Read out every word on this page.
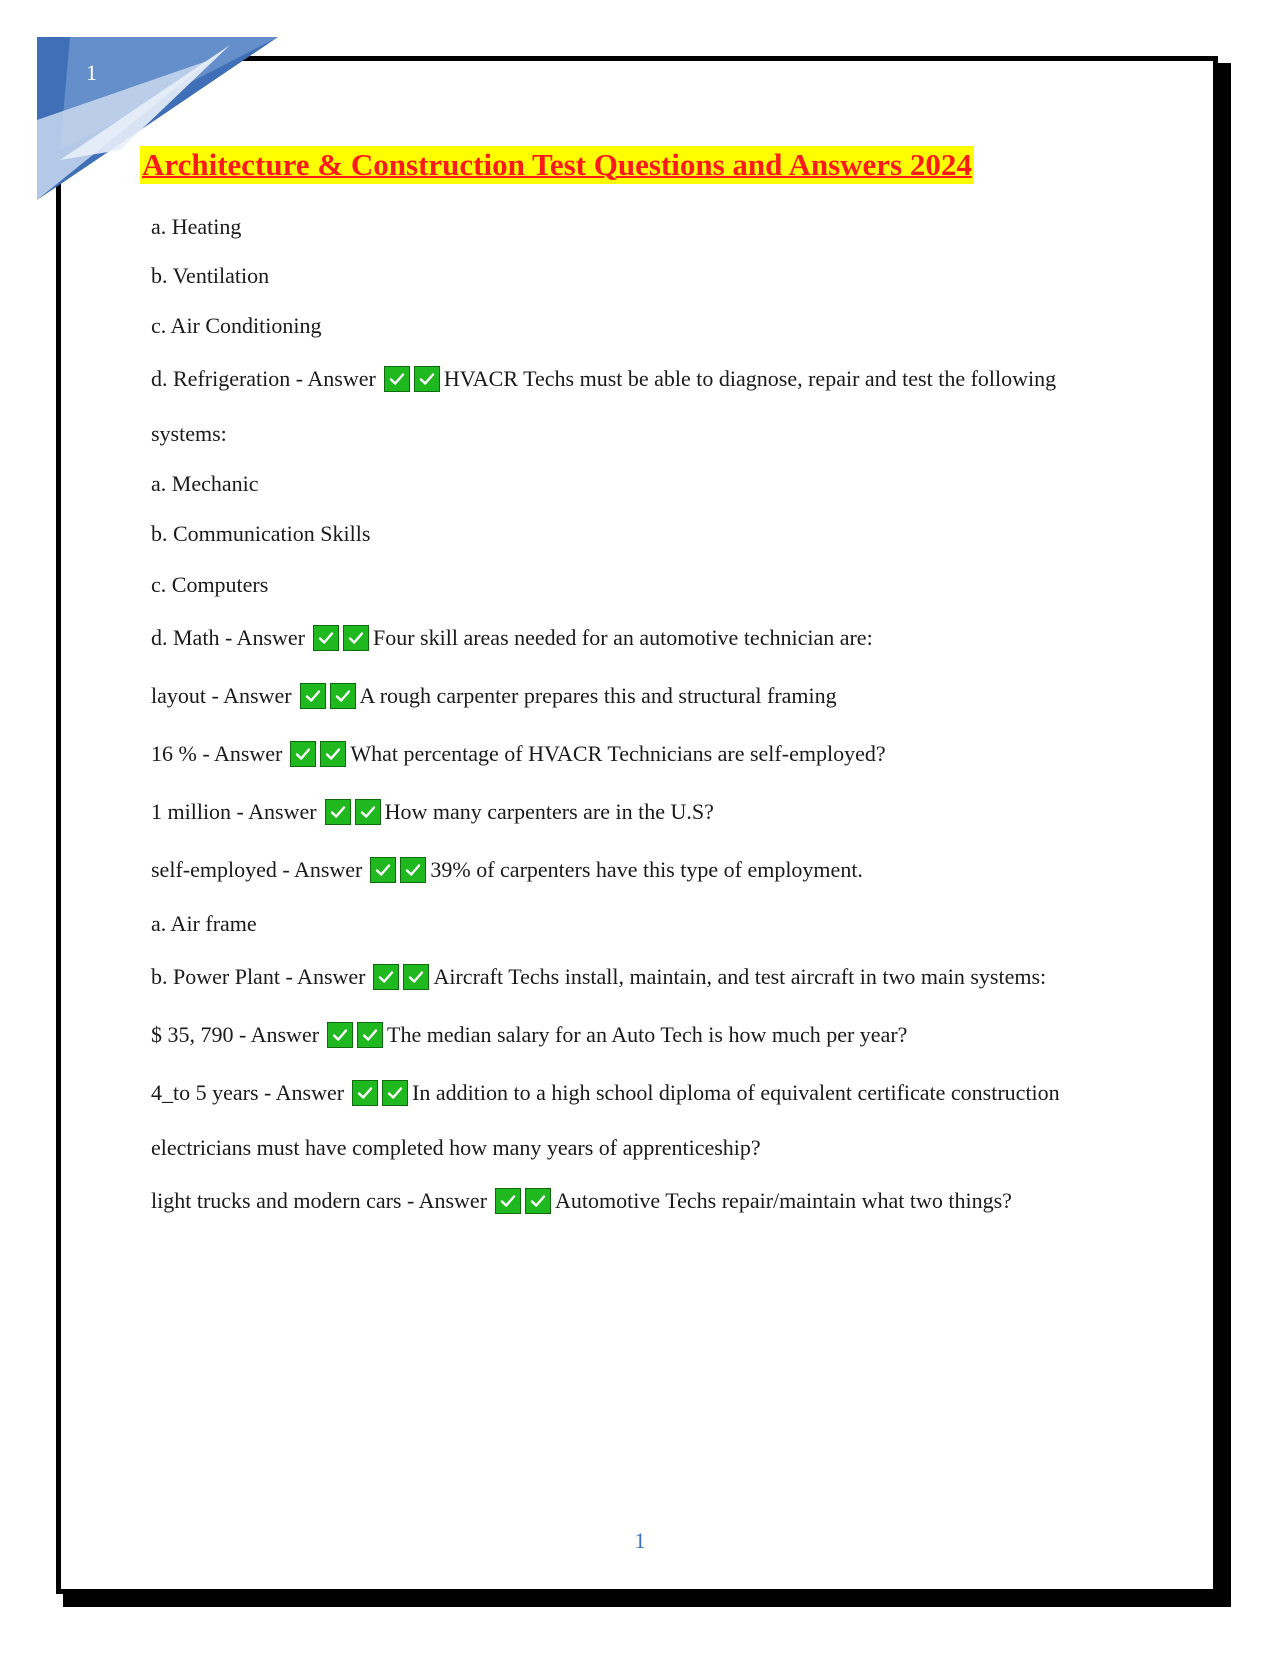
1
Architecture & Construction Test Questions and Answers 2024
a. Heating
b. Ventilation
c. Air Conditioning
d. Refrigeration - Answer	HVACR Techs must be able to diagnose, repair and test the following
systems:
a. Mechanic
b. Communication Skills
c. Computers
d. Math - Answer	Four skill areas needed for an automotive technician are:
layout - Answer	A rough carpenter prepares this and structural framing
16 % - Answer	What percentage of HVACR Technicians are self-employed?
1 million - Answer	How many carpenters are in the U.S?
self-employed - Answer	39% of carpenters have this type of employment.
a. Air frame
b. Power Plant - Answer	Aircraft Techs install, maintain, and test aircraft in two main systems:
$ 35, 790 - Answer	The median salary for an Auto Tech is how much per year?
4_to 5 years - Answer	In addition to a high school diploma of equivalent certificate construction
electricians must have completed how many years of apprenticeship?
light trucks and modern cars - Answer	Automotive Techs repair/maintain what two things?
1
